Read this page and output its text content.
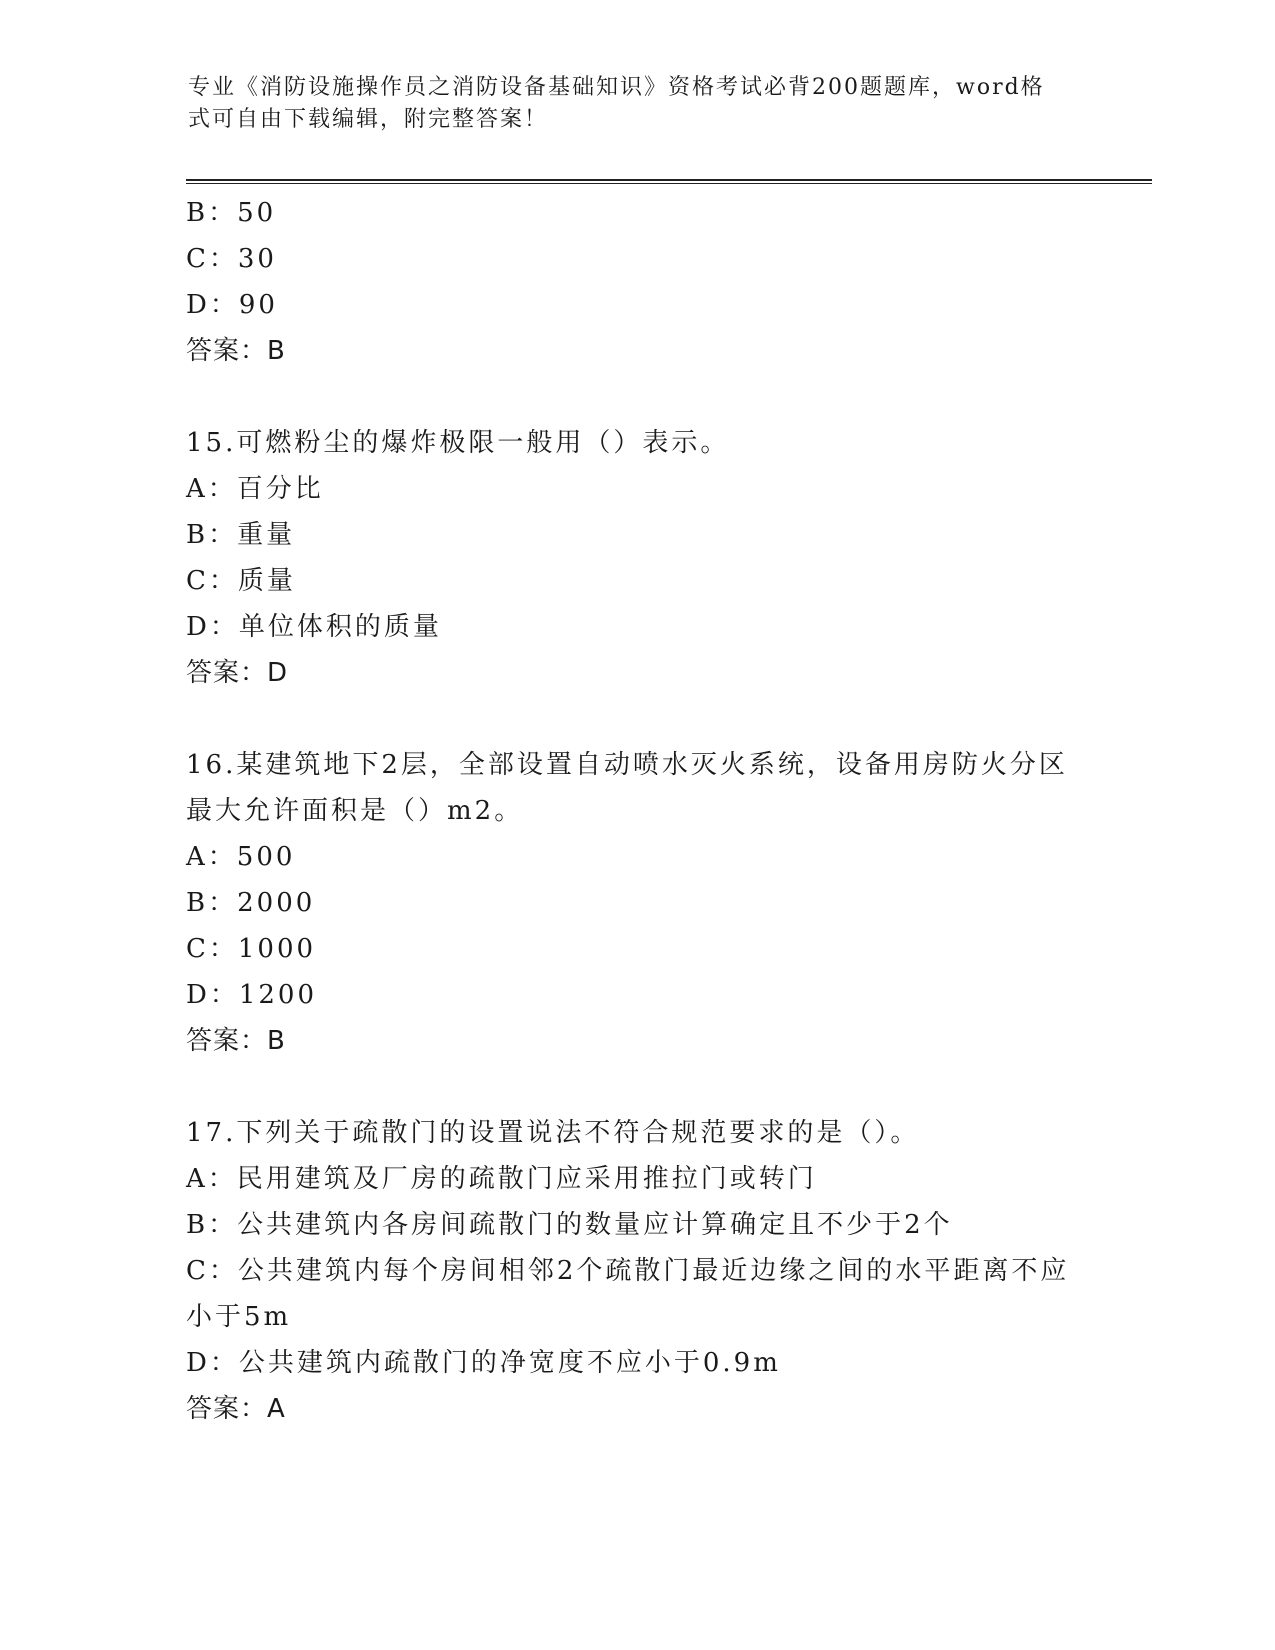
专业《消防设施操作员之消防设备基础知识》资格考试必背200题题库，word格式可自由下载编辑，附完整答案！
B：50
C：30
D：90
答案：B
15.可燃粉尘的爆炸极限一般用（）表示。
A：百分比
B：重量
C：质量
D：单位体积的质量
答案：D
16.某建筑地下2层，全部设置自动喷水灭火系统，设备用房防火分区最大允许面积是（）m2。
A：500
B：2000
C：1000
D：1200
答案：B
17.下列关于疏散门的设置说法不符合规范要求的是（）。
A：民用建筑及厂房的疏散门应采用推拉门或转门
B：公共建筑内各房间疏散门的数量应计算确定且不少于2个
C：公共建筑内每个房间相邻2个疏散门最近边缘之间的水平距离不应小于5m
D：公共建筑内疏散门的净宽度不应小于0.9m
答案：A
